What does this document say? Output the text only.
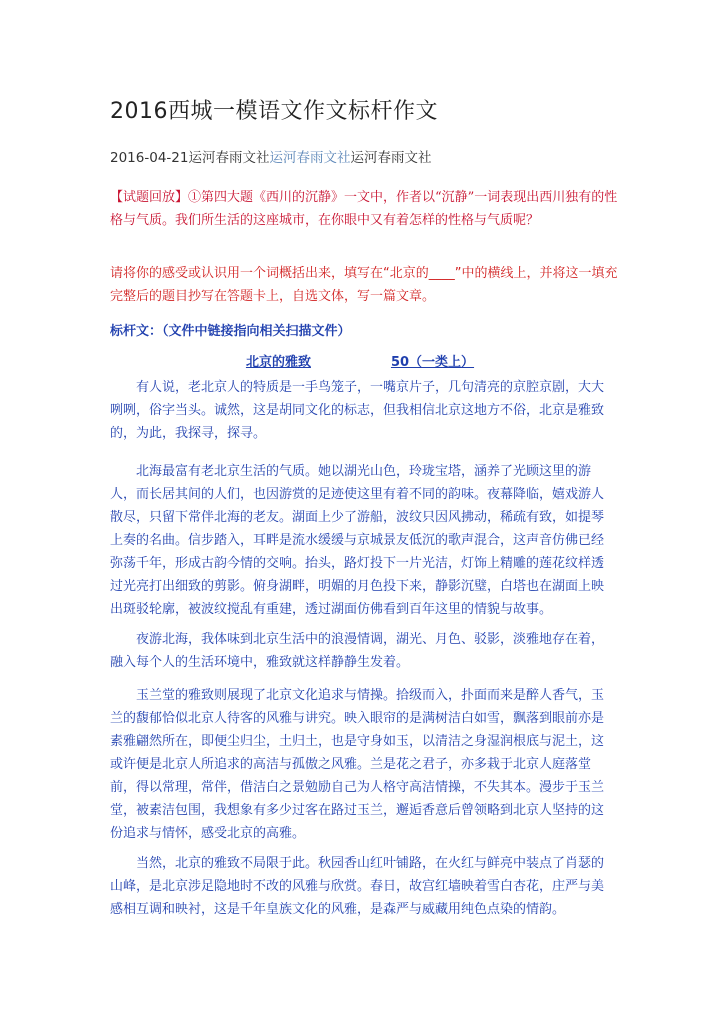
2016西城一模语文作文标杆作文
2016-04-21运河春雨文社运河春雨文社运河春雨文社
【试题回放】①第四大题《西川的沉静》一文中，作者以“沉静”一词表现出西川独有的性格与气质。我们所生活的这座城市，在你眼中又有着怎样的性格与气质呢？
请将你的感受或认识用一个词概括出来，填写在“北京的____”中的横线上，并将这一填充完整后的题目抄写在答题卡上，自选文体，写一篇文章。
标杆文：（文件中链接指向相关扫描文件）
北京的雅致	50（一类上）

有人说，老北京人的特质是一手鸟笼子，一嘴京片子，几句清亮的京腔京剧，大大咧咧，俗字当头。诚然，这是胡同文化的标志，但我相信北京这地方不俗，北京是雅致的，为此，我探寻，探寻。

北海最富有老北京生活的气质。她以湖光山色，玲珑宝塔，涵养了光顾这里的游人，而长居其间的人们，也因游赏的足迹使这里有着不同的韵味。夜幕降临，嬉戏游人散尽，只留下常伴北海的老友。湖面上少了游船，波纹只因风拂动，稀疏有致，如提琴上奏的名曲。信步踏入，耳畔是流水缓缓与京城景友低沉的歌声混合，这声音仿佛已经弥荡千年，形成古韵今情的交响。抬头，路灯投下一片光洁，灯饰上精雕的莲花纹样透过光亮打出细致的剪影。俯身湖畔，明媚的月色投下来，静影沉璧，白塔也在湖面上映出斑驳轮廓，被波纹搅乱有重建，透过湖面仿佛看到百年这里的情貌与故事。

夜游北海，我体味到北京生活中的浪漫情调，湖光、月色、驳影，淡雅地存在着，融入每个人的生活环境中，雅致就这样静静生发着。

玉兰堂的雅致则展现了北京文化追求与情操。拾级而入，扑面而来是醉人香气，玉兰的馥郁恰似北京人待客的风雅与讲究。映入眼帘的是满树洁白如雪，飘落到眼前亦是素雅翩然所在，即便尘归尘，土归土，也是守身如玉，以清洁之身湿润根底与泥土，这或许便是北京人所追求的高洁与孤傲之风雅。兰是花之君子，亦多栽于北京人庭落堂前，得以常理，常伴，借洁白之景勉励自己为人格守高洁情操，不失其本。漫步于玉兰堂，被素洁包围，我想象有多少过客在路过玉兰，邂逅香意后曾领略到北京人坚持的这份追求与情怀，感受北京的高雅。

当然，北京的雅致不局限于此。秋园香山红叶铺路，在火红与鲜亮中装点了肖瑟的山峰，是北京涉足隐地时不改的风雅与欣赏。春日，故宫红墙映着雪白杏花，庄严与美感相互调和映衬，这是千年皇族文化的风雅，是森严与威藏用纯色点染的情韵。
